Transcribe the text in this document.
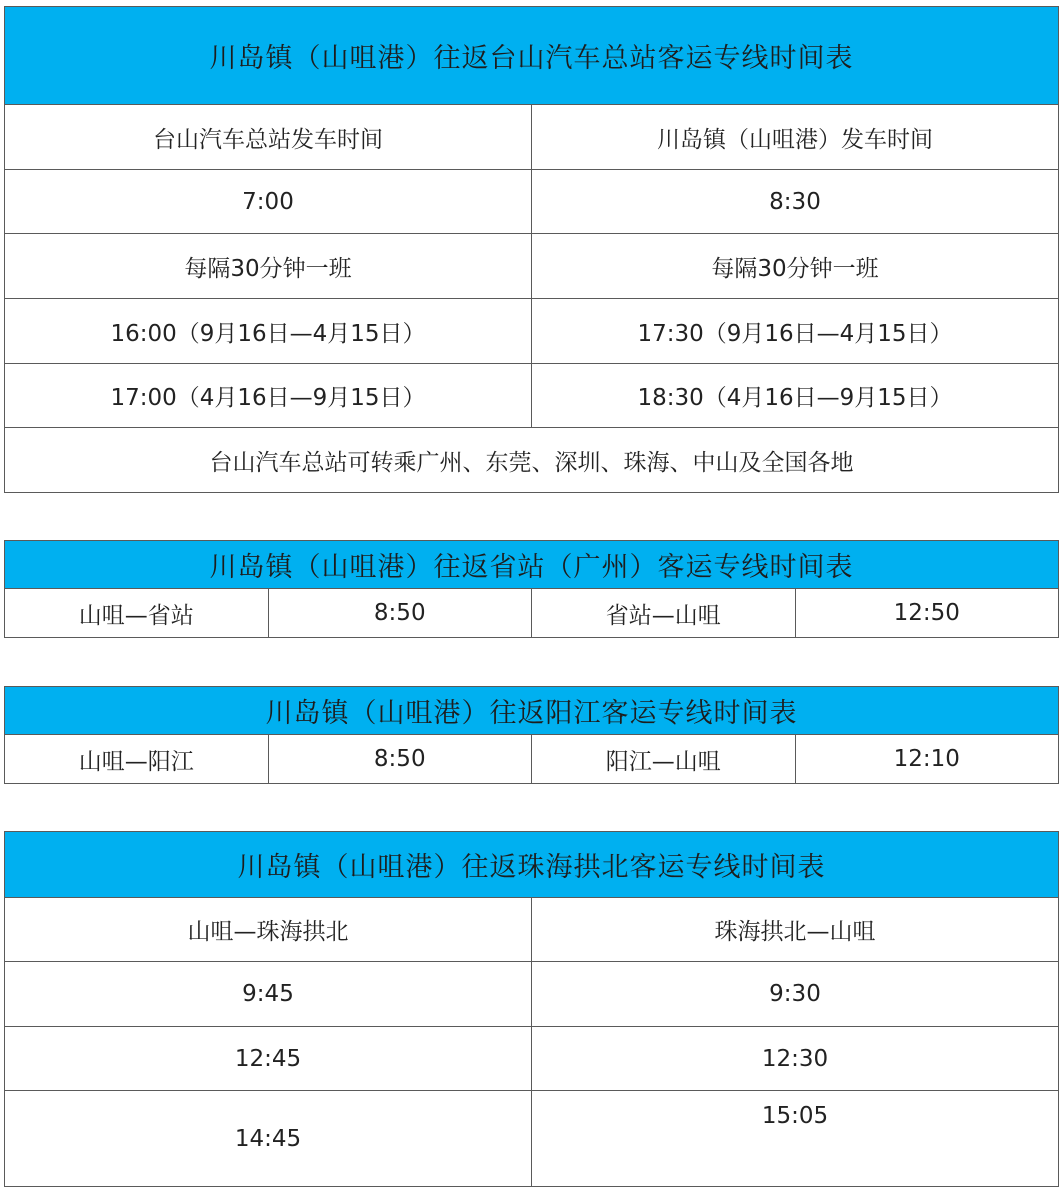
川岛镇（山咀港）往返台山汽车总站客运专线时间表	
台山汽车总站发车时间	川岛镇（山咀港）发车时间
7:00	8:30
每隔30分钟一班	每隔30分钟一班
16:00（9月16日—4月15日）	17:30（9月16日—4月15日）
17:00（4月16日—9月15日）	18:30（4月16日—9月15日）
台山汽车总站可转乘广州、东莞、深圳、珠海、中山及全国各地	
川岛镇（山咀港）往返省站（广州）客运专线时间表
山咀—省站	8:50	省站—山咀	12:50
川岛镇（山咀港）往返阳江客运专线时间表
山咀—阳江	8:50	阳江—山咀	12:10
川岛镇（山咀港）往返珠海拱北客运专线时间表	
山咀—珠海拱北	珠海拱北—山咀
9:45	9:30
12:45	12:30
14:45	15:05
